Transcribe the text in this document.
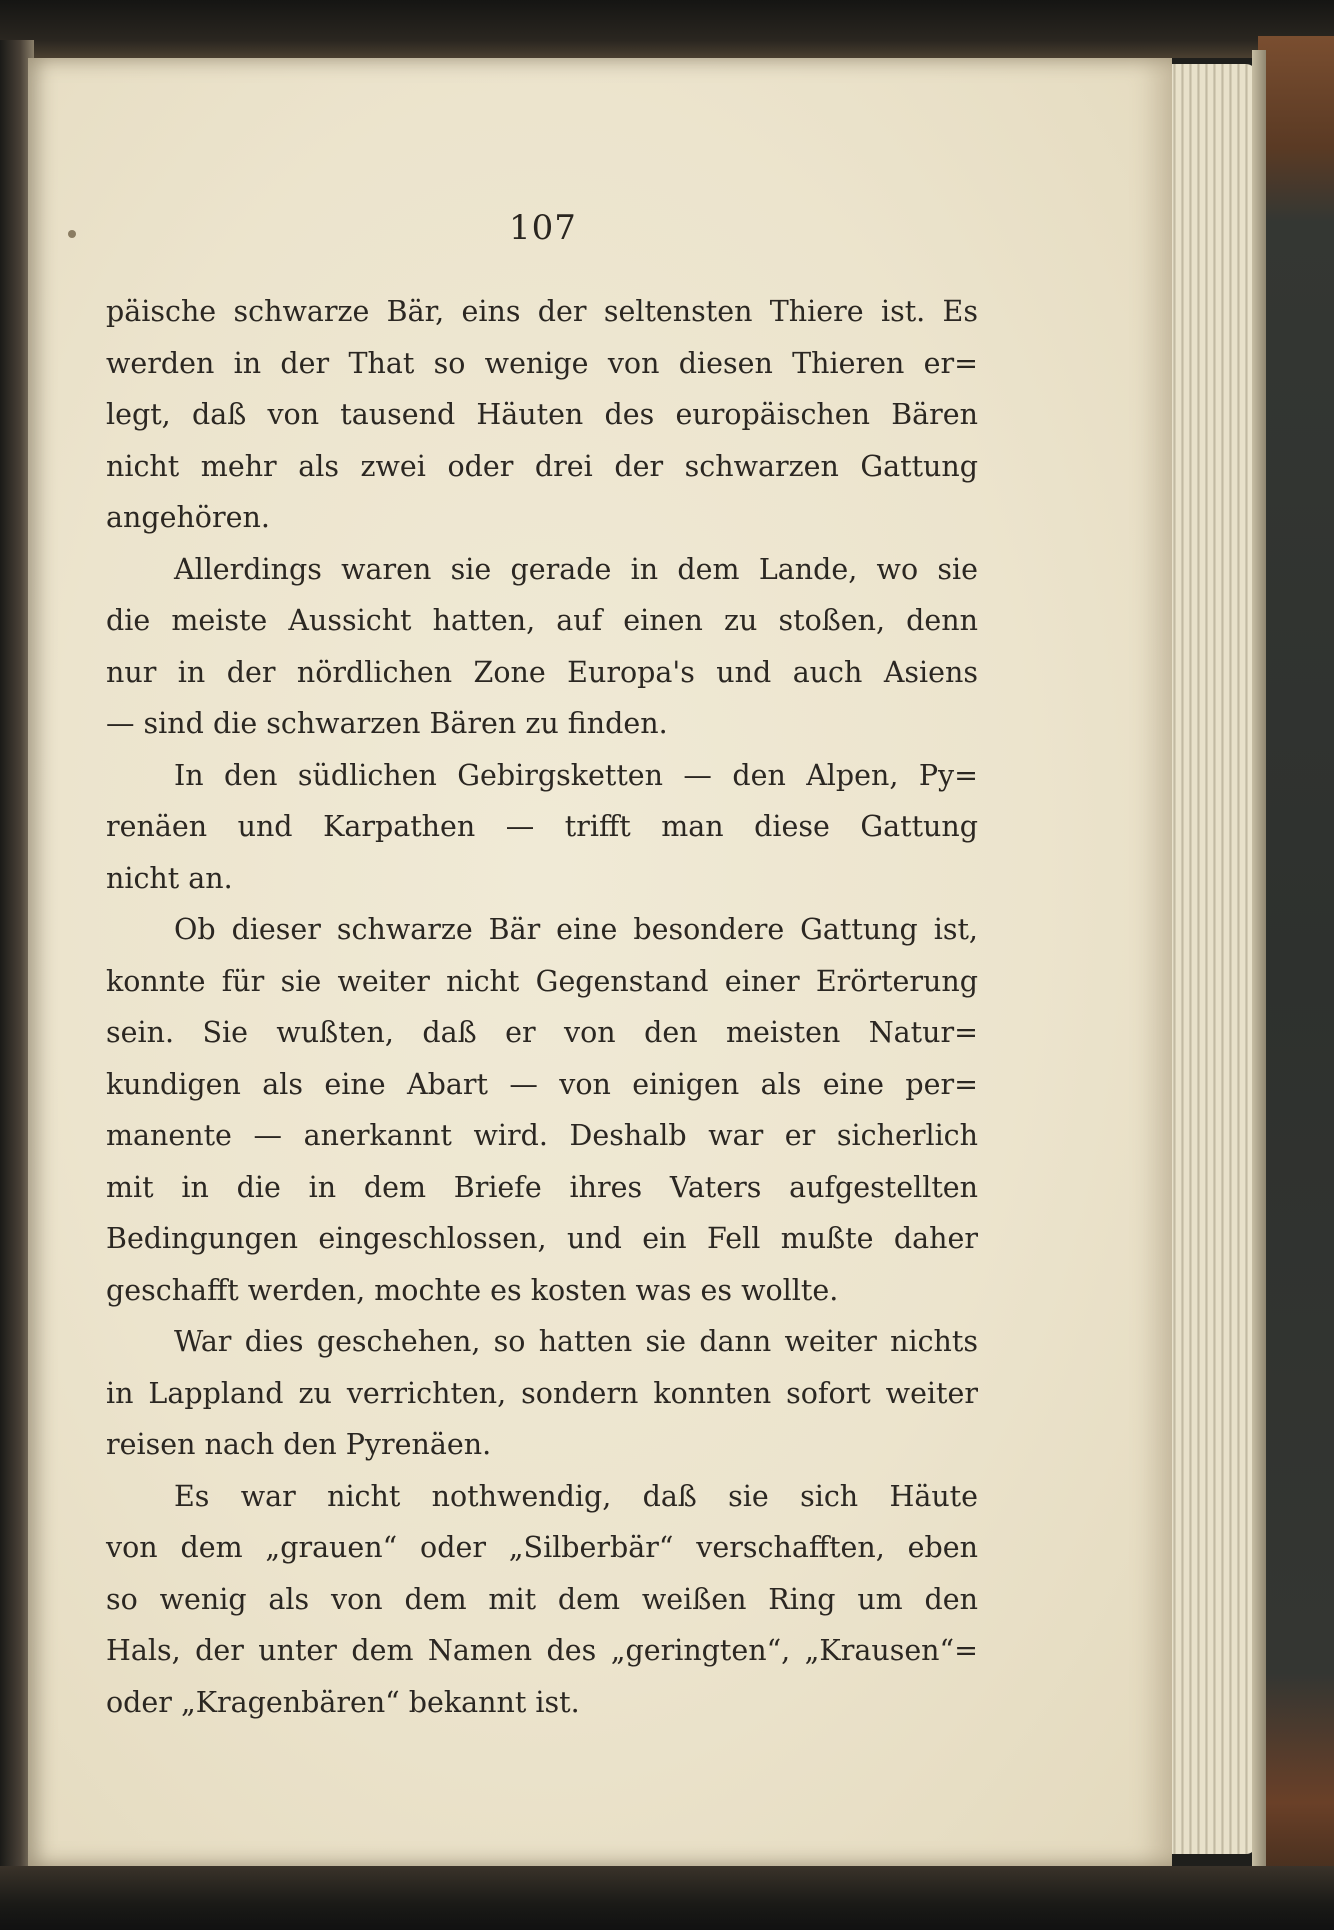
107
päische schwarze Bär, eins der seltensten Thiere ist. Es
werden in der That so wenige von diesen Thieren er=
legt, daß von tausend Häuten des europäischen Bären
nicht mehr als zwei oder drei der schwarzen Gattung
angehören.
Allerdings waren sie gerade in dem Lande, wo sie
die meiste Aussicht hatten, auf einen zu stoßen, denn
nur in der nördlichen Zone Europa's und auch Asiens
— sind die schwarzen Bären zu finden.
In den südlichen Gebirgsketten — den Alpen, Py=
renäen und Karpathen — trifft man diese Gattung
nicht an.
Ob dieser schwarze Bär eine besondere Gattung ist,
konnte für sie weiter nicht Gegenstand einer Erörterung
sein. Sie wußten, daß er von den meisten Natur=
kundigen als eine Abart — von einigen als eine per=
manente — anerkannt wird. Deshalb war er sicherlich
mit in die in dem Briefe ihres Vaters aufgestellten
Bedingungen eingeschlossen, und ein Fell mußte daher
geschafft werden, mochte es kosten was es wollte.
War dies geschehen, so hatten sie dann weiter nichts
in Lappland zu verrichten, sondern konnten sofort weiter
reisen nach den Pyrenäen.
Es war nicht nothwendig, daß sie sich Häute
von dem „grauen“ oder „Silberbär“ verschafften, eben
so wenig als von dem mit dem weißen Ring um den
Hals, der unter dem Namen des „geringten“, „Krausen“=
oder „Kragenbären“ bekannt ist.
